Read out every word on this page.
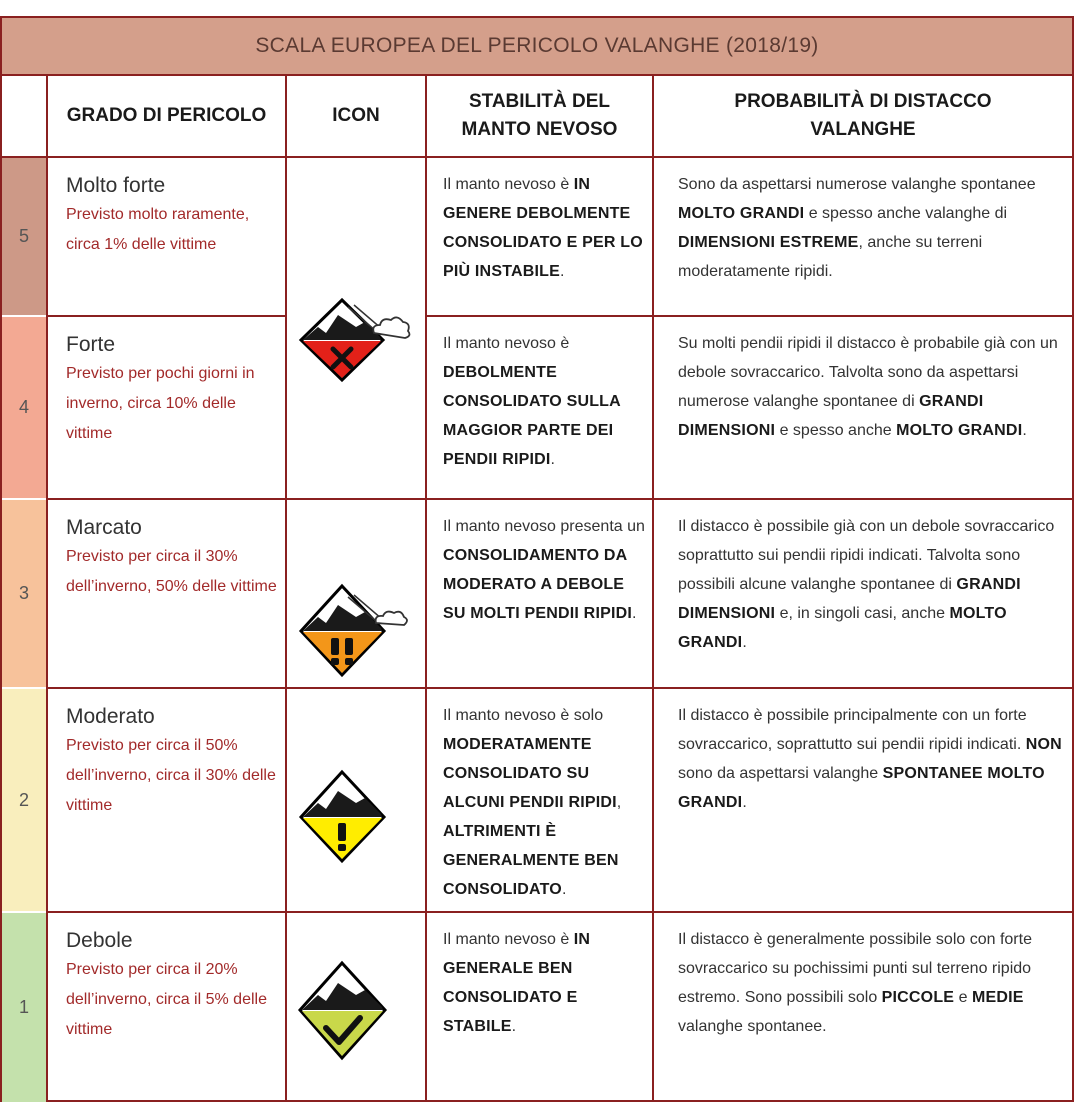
SCALA EUROPEA DEL PERICOLO VALANGHE (2018/19)
GRADO DI PERICOLO	ICON
STABILITÀ DEL MANTO NEVOSO
PROBABILITÀ DI DISTACCO VALANGHE
5
Molto forte
Previsto molto raramente, circa 1% delle vittime
Il manto nevoso è IN GENERE DEBOLMENTE CONSOLIDATO E PER LO PIÙ INSTABILE.
Sono da aspettarsi numerose valanghe spontanee MOLTO GRANDI e spesso anche valanghe di DIMENSIONI ESTREME, anche su terreni moderatamente ripidi.
4
Forte
Previsto per pochi giorni in inverno, circa 10% delle vittime
Il manto nevoso è DEBOLMENTE CONSOLIDATO SULLA MAGGIOR PARTE DEI PENDII RIPIDI.
Su molti pendii ripidi il distacco è probabile già con un debole sovraccarico. Talvolta sono da aspettarsi numerose valanghe spontanee di GRANDI DIMENSIONI e spesso anche MOLTO GRANDI.
3
Marcato
Previsto per circa il 30% dell’inverno, 50% delle vittime
Il manto nevoso presenta un CONSOLIDAMENTO DA MODERATO A DEBOLE SU MOLTI PENDII RIPIDI.
Il distacco è possibile già con un debole sovraccarico soprattutto sui pendii ripidi indicati. Talvolta sono possibili alcune valanghe spontanee di GRANDI DIMENSIONI e, in singoli casi, anche MOLTO GRANDI.
2
Moderato
Previsto per circa il 50% dell’inverno, circa il 30% delle vittime
Il manto nevoso è solo MODERATAMENTE CONSOLIDATO SU ALCUNI PENDII RIPIDI, ALTRIMENTI È GENERALMENTE BEN CONSOLIDATO.
Il distacco è possibile principalmente con un forte sovraccarico, soprattutto sui pendii ripidi indicati. NON sono da aspettarsi valanghe SPONTANEE MOLTO GRANDI.
1
Debole
Previsto per circa il 20% dell’inverno, circa il 5% delle vittime
Il manto nevoso è IN GENERALE BEN CONSOLIDATO E STABILE.
Il distacco è generalmente possibile solo con forte sovraccarico su pochissimi punti sul terreno ripido estremo. Sono possibili solo PICCOLE e MEDIE valanghe spontanee.
